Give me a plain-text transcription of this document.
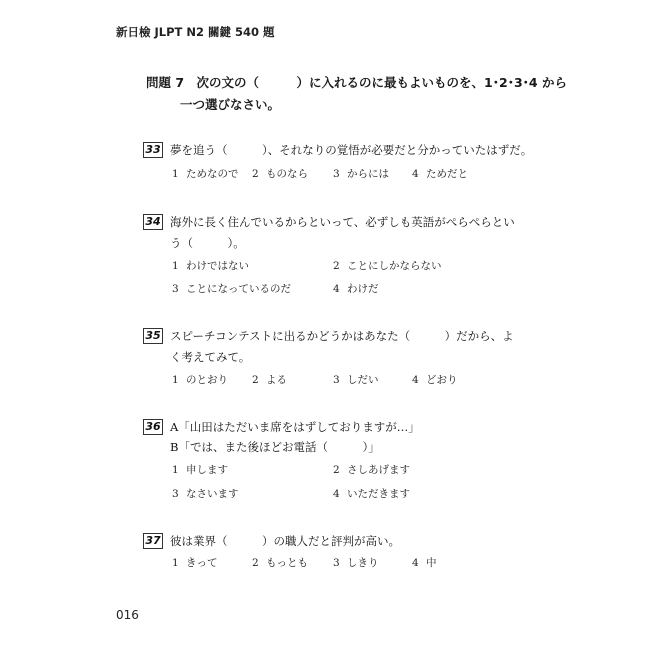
新日檢 JLPT N2 關鍵 540 題
問題 7　次の文の（　　　）に入れるのに最もよいものを、1･2･3･4 から
一つ選びなさい。
33 夢を追う（　　　）、それなりの覚悟が必要だと分かっていたはずだ。
1 ためなので 2 ものなら 3 からには 4 ためだと
34 海外に長く住んでいるからといって、必ずしも英語がぺらぺらとい
う（　　　）。
1 わけではない	2 ことにしかならない
3 ことになっているのだ	4 わけだ
35 スピーチコンテストに出るかどうかはあなた（　　　）だから、よ
く考えてみて。
1 のとおり 2 よる	3 しだい	4 どおり
36 A「山田はただいま席をはずしておりますが…」
B「では、また後ほどお電話（　　　）」
1 申します	2 さしあげます
3 なさいます	4 いただきます
37 彼は業界（　　　）の職人だと評判が高い。
1 きって	2 もっとも 3 しきり	4 中
016
